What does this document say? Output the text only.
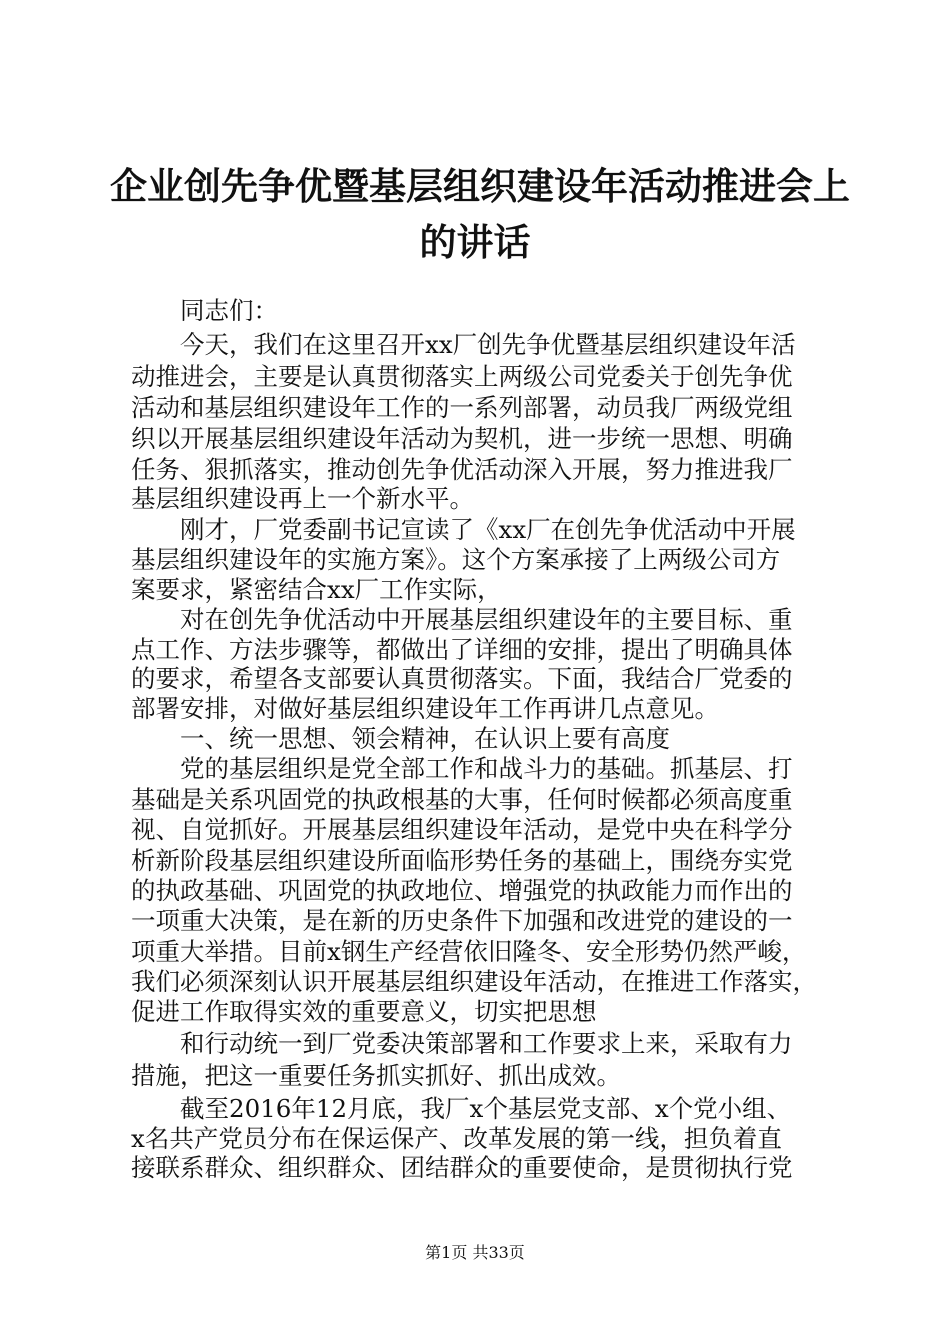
企业创先争优暨基层组织建设年活动推进会上
的讲话
　　同志们：
　　今天，我们在这里召开xx厂创先争优暨基层组织建设年活
动推进会，主要是认真贯彻落实上两级公司党委关于创先争优
活动和基层组织建设年工作的一系列部署，动员我厂两级党组
织以开展基层组织建设年活动为契机，进一步统一思想、明确
任务、狠抓落实，推动创先争优活动深入开展，努力推进我厂
基层组织建设再上一个新水平。
　　刚才，厂党委副书记宣读了《xx厂在创先争优活动中开展
基层组织建设年的实施方案》。这个方案承接了上两级公司方
案要求，紧密结合xx厂工作实际，
　　对在创先争优活动中开展基层组织建设年的主要目标、重
点工作、方法步骤等，都做出了详细的安排，提出了明确具体
的要求，希望各支部要认真贯彻落实。下面，我结合厂党委的
部署安排，对做好基层组织建设年工作再讲几点意见。
　　一、统一思想、领会精神，在认识上要有高度
　　党的基层组织是党全部工作和战斗力的基础。抓基层、打
基础是关系巩固党的执政根基的大事，任何时候都必须高度重
视、自觉抓好。开展基层组织建设年活动，是党中央在科学分
析新阶段基层组织建设所面临形势任务的基础上，围绕夯实党
的执政基础、巩固党的执政地位、增强党的执政能力而作出的
一项重大决策，是在新的历史条件下加强和改进党的建设的一
项重大举措。目前x钢生产经营依旧隆冬、安全形势仍然严峻，
我们必须深刻认识开展基层组织建设年活动，在推进工作落实，
促进工作取得实效的重要意义，切实把思想
　　和行动统一到厂党委决策部署和工作要求上来，采取有力
措施，把这一重要任务抓实抓好、抓出成效。
　　截至2016年12月底，我厂x个基层党支部、x个党小组、
x名共产党员分布在保运保产、改革发展的第一线，担负着直
接联系群众、组织群众、团结群众的重要使命，是贯彻执行党
第1页 共33页
